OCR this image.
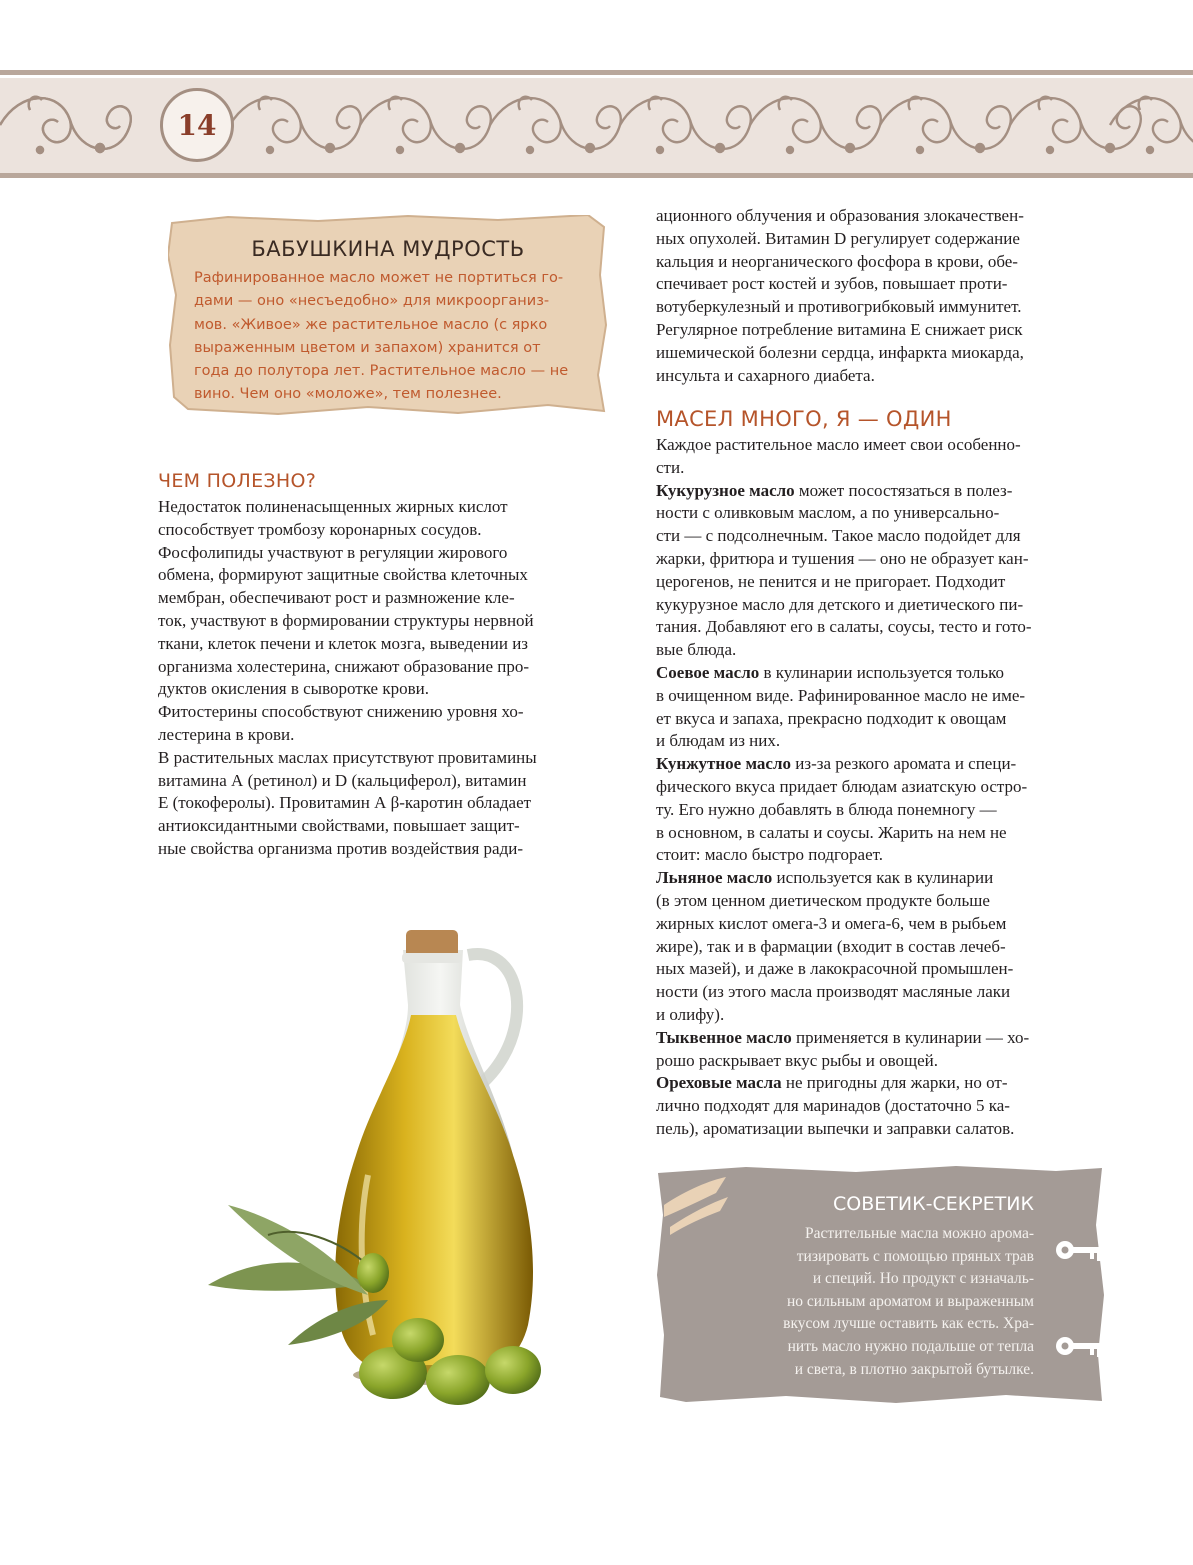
14
БАБУШКИНА МУДРОСТЬ
Рафинированное масло может не портиться го-
дами — оно «несъедобно» для микроорганиз-
мов. «Живое» же растительное масло (с ярко
выраженным цветом и запахом) хранится от
года до полутора лет. Растительное масло — не
вино. Чем оно «моложе», тем полезнее.
ЧЕМ ПОЛЕЗНО?
Недостаток полиненасыщенных жирных кислот
способствует тромбозу коронарных сосудов.
Фосфолипиды участвуют в регуляции жирового
обмена, формируют защитные свойства клеточных
мембран, обеспечивают рост и размножение кле-
ток, участвуют в формировании структуры нервной
ткани, клеток печени и клеток мозга, выведении из
организма холестерина, снижают образование про-
дуктов окисления в сыворотке крови.
Фитостерины способствуют снижению уровня хо-
лестерина в крови.
В растительных маслах присутствуют провитамины
витамина А (ретинол) и D (кальциферол), витамин
Е (токоферолы). Провитамин А β-каротин обладает
антиоксидантными свойствами, повышает защит-
ные свойства организма против воздействия ради-
ационного облучения и образования злокачествен-
ных опухолей. Витамин D регулирует содержание
кальция и неорганического фосфора в крови, обе-
спечивает рост костей и зубов, повышает проти-
вотуберкулезный и противогрибковый иммунитет.
Регулярное потребление витамина Е снижает риск
ишемической болезни сердца, инфаркта миокарда,
инсульта и сахарного диабета.
МАСЕЛ МНОГО, Я — ОДИН
Каждое растительное масло имеет свои особенно-
сти.
Кукурузное масло может посостязаться в полез-
ности с оливковым маслом, а по универсально-
сти — с подсолнечным. Такое масло подойдет для
жарки, фритюра и тушения — оно не образует кан-
церогенов, не пенится и не пригорает. Подходит
кукурузное масло для детского и диетического пи-
тания. Добавляют его в салаты, соусы, тесто и гото-
вые блюда.
Соевое масло в кулинарии используется только
в очищенном виде. Рафинированное масло не име-
ет вкуса и запаха, прекрасно подходит к овощам
и блюдам из них.
Кунжутное масло из-за резкого аромата и специ-
фического вкуса придает блюдам азиатскую остро-
ту. Его нужно добавлять в блюда понемногу —
в основном, в салаты и соусы. Жарить на нем не
стоит: масло быстро подгорает.
Льняное масло используется как в кулинарии
(в этом ценном диетическом продукте больше
жирных кислот омега-3 и омега-6, чем в рыбьем
жире), так и в фармации (входит в состав лечеб-
ных мазей), и даже в лакокрасочной промышлен-
ности (из этого масла производят масляные лаки
и олифу).
Тыквенное масло применяется в кулинарии — хо-
рошо раскрывает вкус рыбы и овощей.
Ореховые масла не пригодны для жарки, но от-
лично подходят для маринадов (достаточно 5 ка-
пель), ароматизации выпечки и заправки салатов.
СОВЕТИК-СЕКРЕТИК
Растительные масла можно арома-
тизировать с помощью пряных трав
и специй. Но продукт с изначаль-
но сильным ароматом и выраженным
вкусом лучше оставить как есть. Хра-
нить масло нужно подальше от тепла
и света, в плотно закрытой бутылке.
